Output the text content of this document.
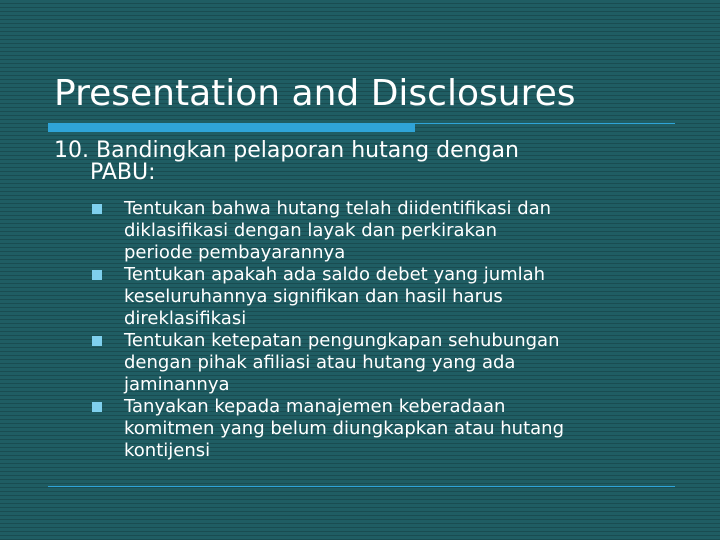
Presentation and Disclosures

10. Bandingkan pelaporan hutang dengan
PABU:

Tentukan bahwa hutang telah diidentifikasi dan
diklasifikasi dengan layak dan perkirakan
periode pembayarannya
Tentukan apakah ada saldo debet yang jumlah
keseluruhannya signifikan dan hasil harus
direklasifikasi
Tentukan ketepatan pengungkapan sehubungan
dengan pihak afiliasi atau hutang yang ada
jaminannya
Tanyakan kepada manajemen keberadaan
komitmen yang belum diungkapkan atau hutang
kontijensi
